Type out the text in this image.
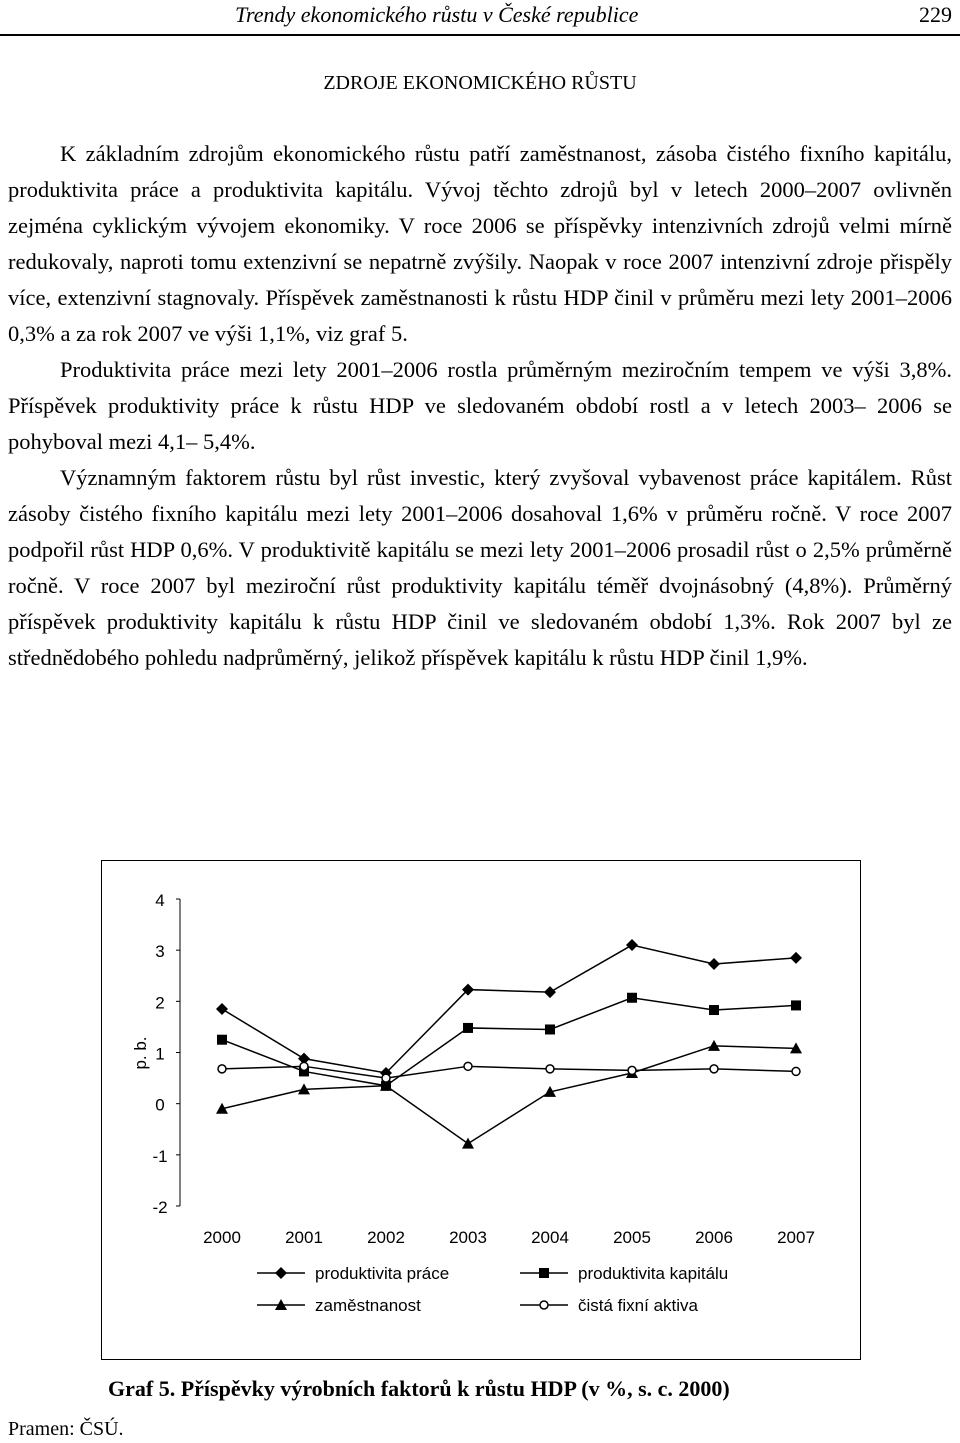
Trendy ekonomického růstu v České republice	229
ZDROJE EKONOMICKÉHO RŮSTU

K základním zdrojům ekonomického růstu patří zaměstnanost, zásoba čistého fixního kapitálu, produktivita práce a produktivita kapitálu. Vývoj těchto zdrojů byl v letech 2000–2007 ovlivněn zejména cyklickým vývojem ekonomiky. V roce 2006 se příspěvky intenzivních zdrojů velmi mírně redukovaly, naproti tomu extenzivní se nepatrně zvýšily. Naopak v roce 2007 intenzivní zdroje přispěly více, extenzivní stagnovaly. Příspěvek zaměstnanosti k růstu HDP činil v průměru mezi lety 2001–2006 0,3% a za rok 2007 ve výši 1,1%, viz graf 5.

Produktivita práce mezi lety 2001–2006 rostla průměrným meziročním tempem ve výši 3,8%. Příspěvek produktivity práce k růstu HDP ve sledovaném období rostl a v letech 2003– 2006 se pohyboval mezi 4,1– 5,4%.

Významným faktorem růstu byl růst investic, který zvyšoval vybavenost práce kapitálem. Růst zásoby čistého fixního kapitálu mezi lety 2001–2006 dosahoval 1,6% v průměru ročně. V roce 2007 podpořil růst HDP 0,6%. V produktivitě kapitálu se mezi lety 2001–2006 prosadil růst o 2,5% průměrně ročně. V roce 2007 byl meziroční růst produktivity kapitálu téměř dvojnásobný (4,8%). Průměrný příspěvek produktivity kapitálu k růstu HDP činil ve sledovaném období 1,3%. Rok 2007 byl ze střednědobého pohledu nadprůměrný, jelikož příspěvek kapitálu k růstu HDP činil 1,9%.

4
3
2
1
0
-1
-2
p. b.
2000	2001	2002	2003	2004	2005	2006	2007
produktivita práce	produktivita kapitálu
zaměstnanost	čistá fixní aktiva
Graf 5. Příspěvky výrobních faktorů k růstu HDP (v %, s. c. 2000)
Pramen: ČSÚ.
